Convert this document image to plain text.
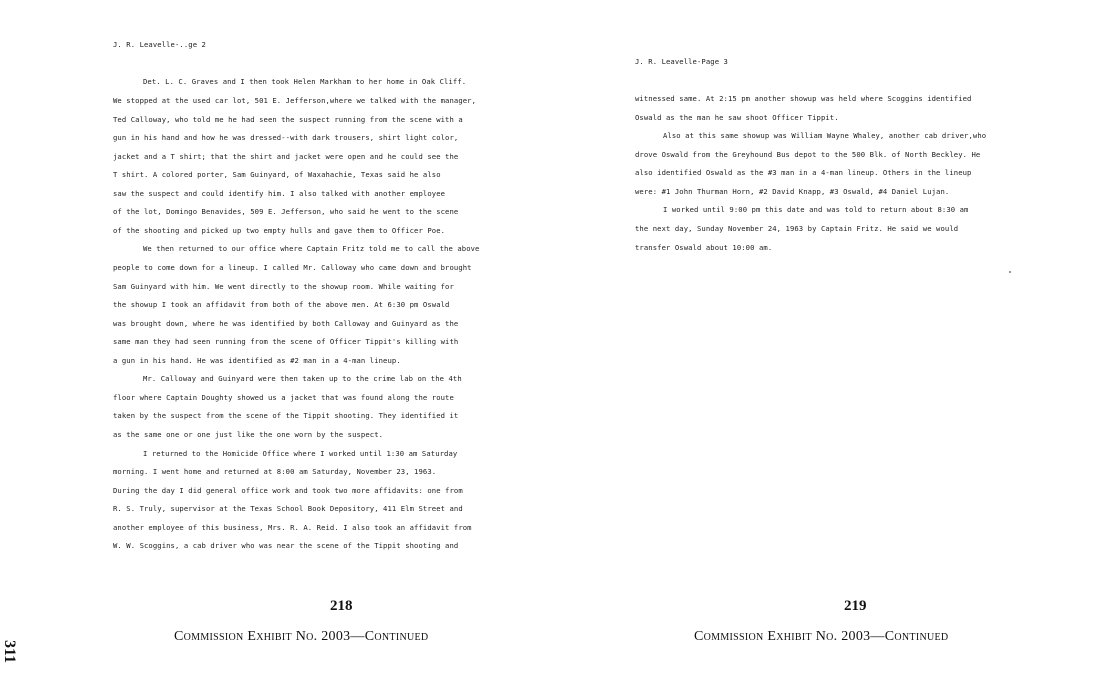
J. R. Leavelle-..ge 2
Det. L. C. Graves and I then took Helen Markham to her home in Oak Cliff.
We stopped at the used car lot, 501 E. Jefferson,where we talked with the manager,
Ted Calloway, who told me he had seen the suspect running from the scene with a
gun in his hand and how he was dressed--with dark trousers, shirt light color,
jacket and a T shirt; that the shirt and jacket were open and he could see the
T shirt. A colored porter, Sam Guinyard, of Waxahachie, Texas said he also
saw the suspect and could identify him. I also talked with another employee
of the lot, Domingo Benavides, 509 E. Jefferson, who said he went to the scene
of the shooting and picked up two empty hulls and gave them to Officer Poe.
We then returned to our office where Captain Fritz told me to call the above
people to come down for a lineup. I called Mr. Calloway who came down and brought
Sam Guinyard with him. We went directly to the showup room. While waiting for
the showup I took an affidavit from both of the above men. At 6:30 pm Oswald
was brought down, where he was identified by both Calloway and Guinyard as the
same man they had seen running from the scene of Officer Tippit's killing with
a gun in his hand. He was identified as #2 man in a 4-man lineup.
Mr. Calloway and Guinyard were then taken up to the crime lab on the 4th
floor where Captain Doughty showed us a jacket that was found along the route
taken by the suspect from the scene of the Tippit shooting. They identified it
as the same one or one just like the one worn by the suspect.
I returned to the Homicide Office where I worked until 1:30 am Saturday
morning. I went home and returned at 8:00 am Saturday, November 23, 1963.
During the day I did general office work and took two more affidavits: one from
R. S. Truly, supervisor at the Texas School Book Depository, 411 Elm Street and
another employee of this business, Mrs. R. A. Reid. I also took an affidavit from
W. W. Scoggins, a cab driver who was near the scene of the Tippit shooting and
218
Commission Exhibit No. 2003—Continued
311
J. R. Leavelle-Page 3
witnessed same. At 2:15 pm another showup was held where Scoggins identified
Oswald as the man he saw shoot Officer Tippit.
Also at this same showup was William Wayne Whaley, another cab driver,who
drove Oswald from the Greyhound Bus depot to the 500 Blk. of North Beckley. He
also identified Oswald as the #3 man in a 4-man lineup. Others in the lineup
were: #1 John Thurman Horn, #2 David Knapp, #3 Oswald, #4 Daniel Lujan.
I worked until 9:00 pm this date and was told to return about 8:30 am
the next day, Sunday November 24, 1963 by Captain Fritz. He said we would
transfer Oswald about 10:00 am.
219
Commission Exhibit No. 2003—Continued
